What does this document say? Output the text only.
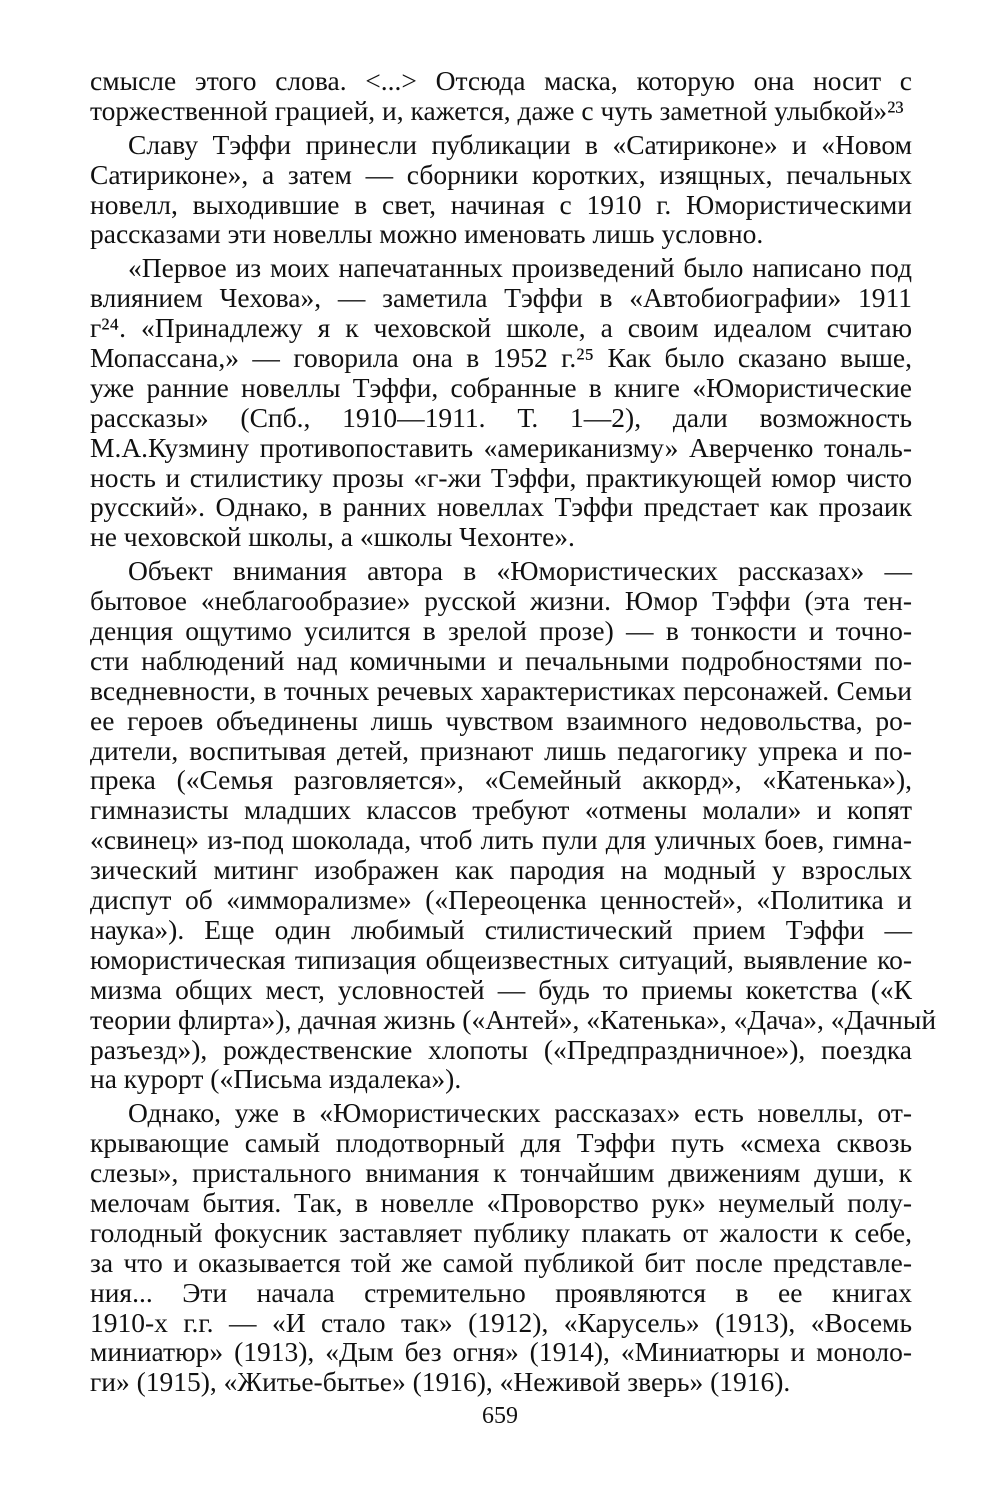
смысле этого слова. <...> Отсюда маска, которую она носит с
торжественной грацией, и, кажется, даже с чуть заметной улыбкой»²³
Славу Тэффи принесли публикации в «Сатириконе» и «Новом
Сатириконе», а затем — сборники коротких, изящных, печальных
новелл, выходившие в свет, начиная с 1910 г. Юмористическими
рассказами эти новеллы можно именовать лишь условно.
«Первое из моих напечатанных произведений было написано под
влиянием Чехова», — заметила Тэффи в «Автобиографии» 1911
г²⁴. «Принадлежу я к чеховской школе, а своим идеалом считаю
Мопассана,» — говорила она в 1952 г.²⁵ Как было сказано выше,
уже ранние новеллы Тэффи, собранные в книге «Юмористические
рассказы» (Спб., 1910—1911. Т. 1—2), дали возможность
М.А.Кузмину противопоставить «американизму» Аверченко тональ-
ность и стилистику прозы «г-жи Тэффи, практикующей юмор чисто
русский». Однако, в ранних новеллах Тэффи предстает как прозаик
не чеховской школы, а «школы Чехонте».
Объект внимания автора в «Юмористических рассказах» —
бытовое «неблагообразие» русской жизни. Юмор Тэффи (эта тен-
денция ощутимо усилится в зрелой прозе) — в тонкости и точно-
сти наблюдений над комичными и печальными подробностями по-
вседневности, в точных речевых характеристиках персонажей. Семьи
ее героев объединены лишь чувством взаимного недовольства, ро-
дители, воспитывая детей, признают лишь педагогику упрека и по-
прека («Семья разговляется», «Семейный аккорд», «Катенька»),
гимназисты младших классов требуют «отмены молали» и копят
«свинец» из-под шоколада, чтоб лить пули для уличных боев, гимна-
зический митинг изображен как пародия на модный у взрослых
диспут об «имморализме» («Переоценка ценностей», «Политика и
наука»). Еще один любимый стилистический прием Тэффи —
юмористическая типизация общеизвестных ситуаций, выявление ко-
мизма общих мест, условностей — будь то приемы кокетства («К
теории флирта»), дачная жизнь («Антей», «Катенька», «Дача», «Дачный
разъезд»), рождественские хлопоты («Предпраздничное»), поездка
на курорт («Письма издалека»).
Однако, уже в «Юмористических рассказах» есть новеллы, от-
крывающие самый плодотворный для Тэффи путь «смеха сквозь
слезы», пристального внимания к тончайшим движениям души, к
мелочам бытия. Так, в новелле «Проворство рук» неумелый полу-
голодный фокусник заставляет публику плакать от жалости к себе,
за что и оказывается той же самой публикой бит после представле-
ния... Эти начала стремительно проявляются в ее книгах
1910-х г.г. — «И стало так» (1912), «Карусель» (1913), «Восемь
миниатюр» (1913), «Дым без огня» (1914), «Миниатюры и моноло-
ги» (1915), «Житье-бытье» (1916), «Неживой зверь» (1916).
659
